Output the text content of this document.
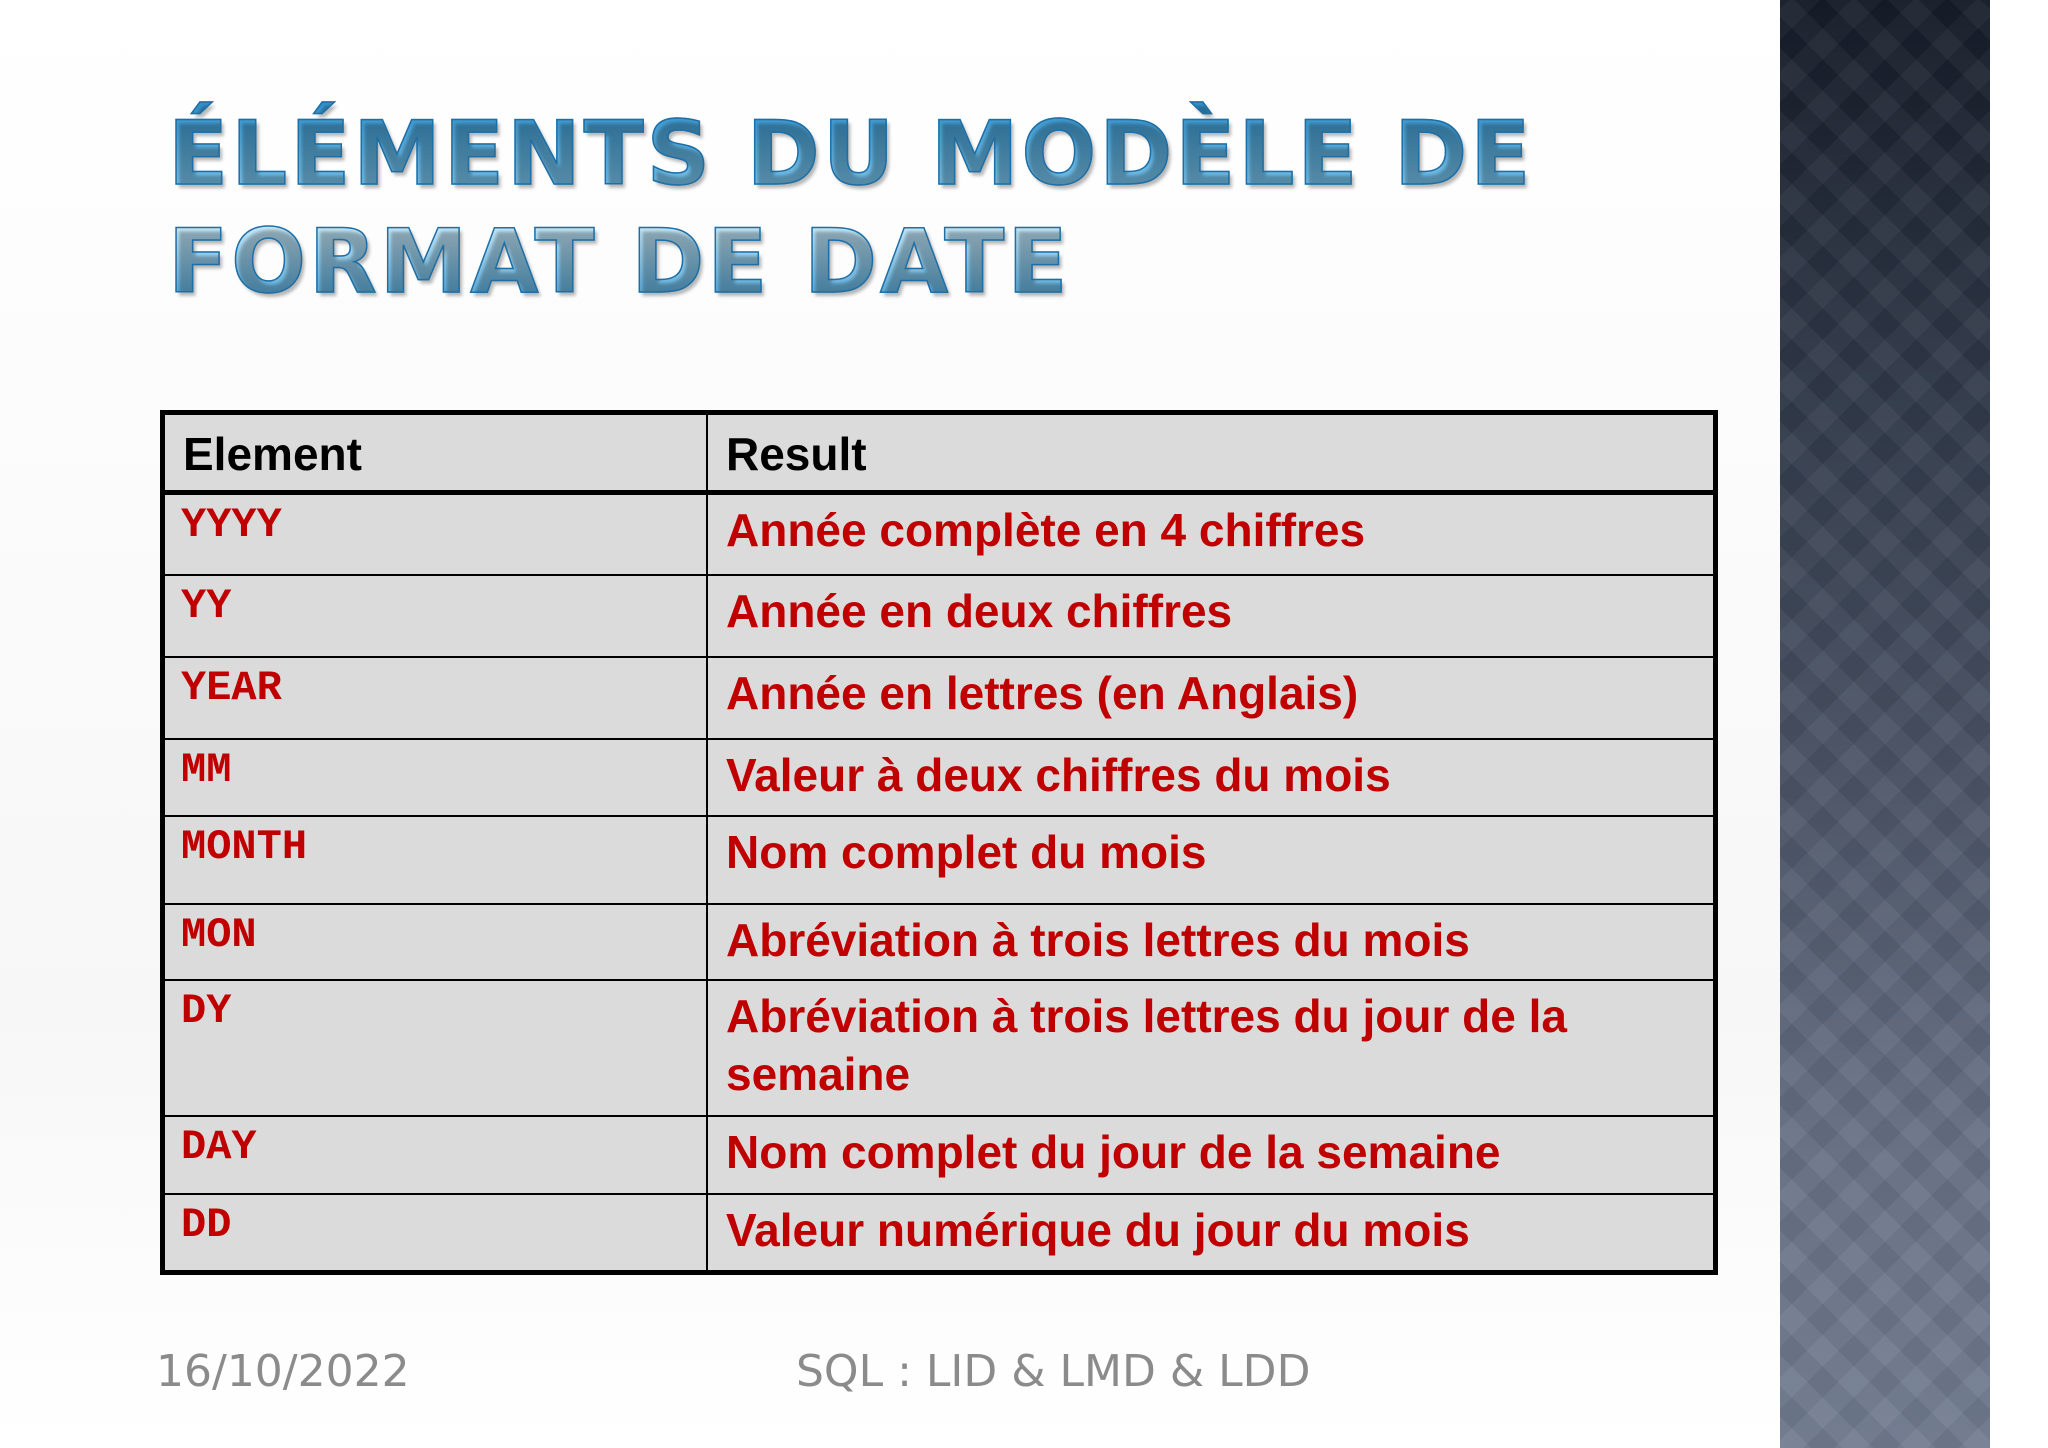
ÉLÉMENTS DU MODÈLE DE FORMAT DE DATE
Element	Result
YYYY	Année complète en 4 chiffres
YY	Année en deux chiffres
YEAR	Année en lettres (en Anglais)
MM	Valeur à deux chiffres du mois
MONTH	Nom complet du mois
MON	Abréviation à trois lettres du mois
DY	Abréviation à trois lettres du jour de la semaine
DAY	Nom complet du jour de la semaine
DD	Valeur numérique du jour du mois
16/10/2022	SQL : LID & LMD & LDD
